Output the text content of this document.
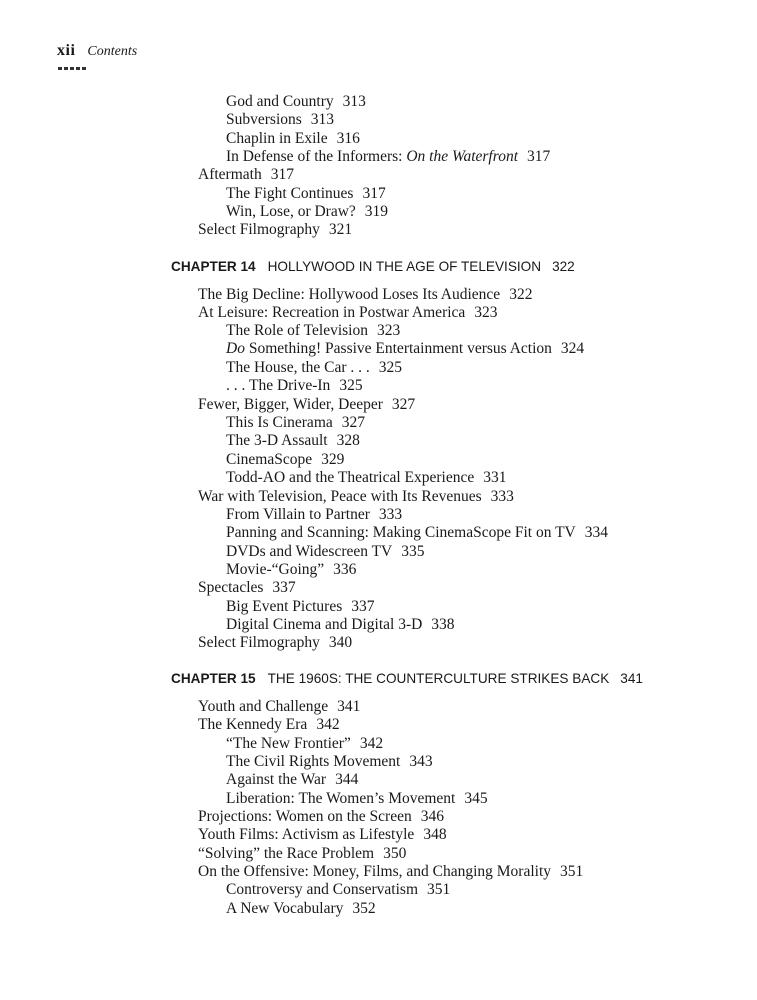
xii Contents
God and Country 313
Subversions 313
Chaplin in Exile 316
In Defense of the Informers: On the Waterfront 317
Aftermath 317
The Fight Continues 317
Win, Lose, or Draw? 319
Select Filmography 321
CHAPTER 14 HOLLYWOOD IN THE AGE OF TELEVISION 322
The Big Decline: Hollywood Loses Its Audience 322
At Leisure: Recreation in Postwar America 323
The Role of Television 323
Do Something! Passive Entertainment versus Action 324
The House, the Car . . . 325
. . . The Drive-In 325
Fewer, Bigger, Wider, Deeper 327
This Is Cinerama 327
The 3-D Assault 328
CinemaScope 329
Todd-AO and the Theatrical Experience 331
War with Television, Peace with Its Revenues 333
From Villain to Partner 333
Panning and Scanning: Making CinemaScope Fit on TV 334
DVDs and Widescreen TV 335
Movie-“Going” 336
Spectacles 337
Big Event Pictures 337
Digital Cinema and Digital 3-D 338
Select Filmography 340
CHAPTER 15 THE 1960S: THE COUNTERCULTURE STRIKES BACK 341
Youth and Challenge 341
The Kennedy Era 342
“The New Frontier” 342
The Civil Rights Movement 343
Against the War 344
Liberation: The Women’s Movement 345
Projections: Women on the Screen 346
Youth Films: Activism as Lifestyle 348
“Solving” the Race Problem 350
On the Offensive: Money, Films, and Changing Morality 351
Controversy and Conservatism 351
A New Vocabulary 352
